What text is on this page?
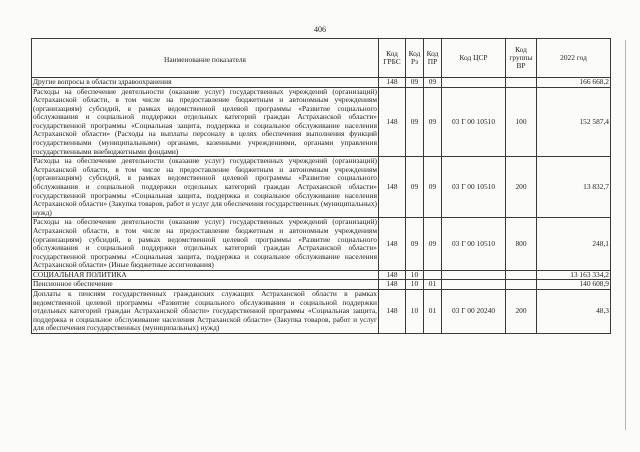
406
Наименование показателя	Код ГРБС	Код Рз	Код ПР	Код ЦСР	Код группы ВР	2022 год
Другие вопросы в области здравоохранения	148	09	09			166 668,2
Расходы на обеспечение деятельности (оказание услуг) государственных учреждений (организаций) Астраханской области, в том числе на предоставление бюджетным и автономным учреждениям (организациям) субсидий, в рамках ведомственной целевой программы «Развитие социального обслуживания и социальной поддержки отдельных категорий граждан Астраханской области» государственной программы «Социальная защита, поддержка и социальное обслуживание населения Астраханской области» (Расходы на выплаты персоналу в целях обеспечения выполнения функций государственными (муниципальными) органами, казенными учреждениями, органами управления государственными внебюджетными фондами)	148	09	09	03 Г 00 10510	100	152 587,4
Расходы на обеспечение деятельности (оказание услуг) государственных учреждений (организаций) Астраханской области, в том числе на предоставление бюджетным и автономным учреждениям (организациям) субсидий, в рамках ведомственной целевой программы «Развитие социального обслуживания и социальной поддержки отдельных категорий граждан Астраханской области» государственной программы «Социальная защита, поддержка и социальное обслуживание населения Астраханской области» (Закупка товаров, работ и услуг для обеспечения государственных (муниципальных) нужд)	148	09	09	03 Г 00 10510	200	13 832,7
Расходы на обеспечение деятельности (оказание услуг) государственных учреждений (организаций) Астраханской области, в том числе на предоставление бюджетным и автономным учреждениям (организациям) субсидий, в рамках ведомственной целевой программы «Развитие социального обслуживания и социальной поддержки отдельных категорий граждан Астраханской области» государственной программы «Социальная защита, поддержка и социальное обслуживание населения Астраханской области» (Иные бюджетные ассигнования)	148	09	09	03 Г 00 10510	800	248,1
СОЦИАЛЬНАЯ ПОЛИТИКА	148	10				13 163 334,2
Пенсионное обеспечение	148	10	01			140 608,9
Доплаты к пенсиям государственных гражданских служащих Астраханской области в рамках ведомственной целевой программы «Развитие социального обслуживания и социальной поддержки отдельных категорий граждан Астраханской области» государственной программы «Социальная защита, поддержка и социальное обслуживание населения Астраханской области» (Закупка товаров, работ и услуг для обеспечения государственных (муниципальных) нужд)	148	10	01	03 Г 00 20240	200	48,3
